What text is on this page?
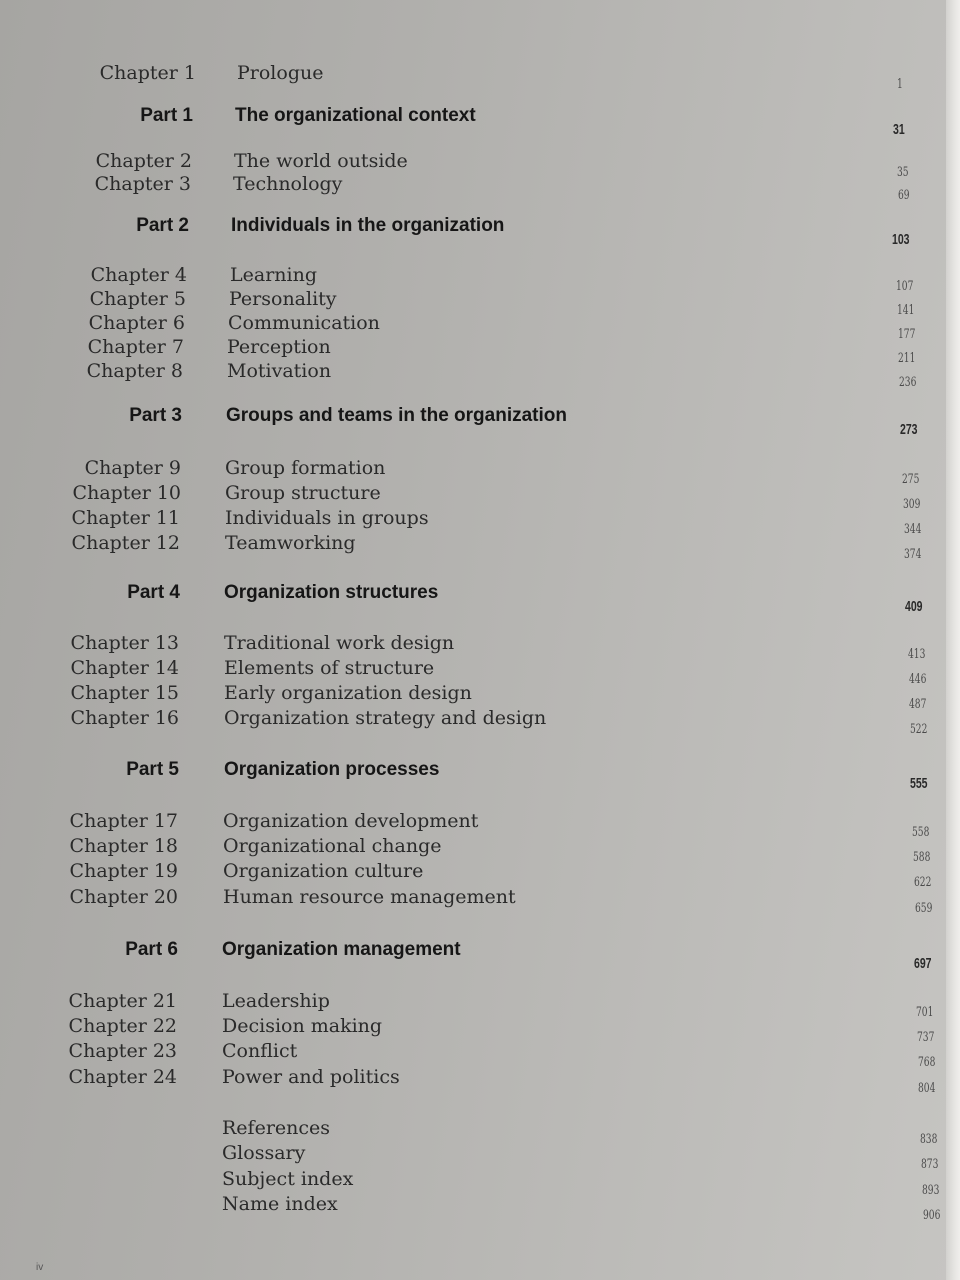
Chapter 1 Prologue
1
Part 1 The organizational context
31
Chapter 2 The world outside
35
Chapter 3 Technology
69
Part 2 Individuals in the organization
103
Chapter 4 Learning
107
Chapter 5 Personality
141
Chapter 6 Communication
177
Chapter 7 Perception
211
Chapter 8 Motivation
236
Part 3 Groups and teams in the organization
273
Chapter 9 Group formation
275
Chapter 10 Group structure
309
Chapter 11 Individuals in groups
344
Chapter 12 Teamworking
374
Part 4 Organization structures
409
Chapter 13 Traditional work design
413
Chapter 14 Elements of structure
446
Chapter 15 Early organization design
487
Chapter 16 Organization strategy and design
522
Part 5 Organization processes
555
Chapter 17 Organization development
558
Chapter 18 Organizational change
588
Chapter 19 Organization culture
622
Chapter 20 Human resource management
659
Part 6 Organization management
697
Chapter 21 Leadership
701
Chapter 22 Decision making
737
Chapter 23 Conflict
768
Chapter 24 Power and politics
804
References
838
Glossary
873
Subject index
893
Name index
906
iv
